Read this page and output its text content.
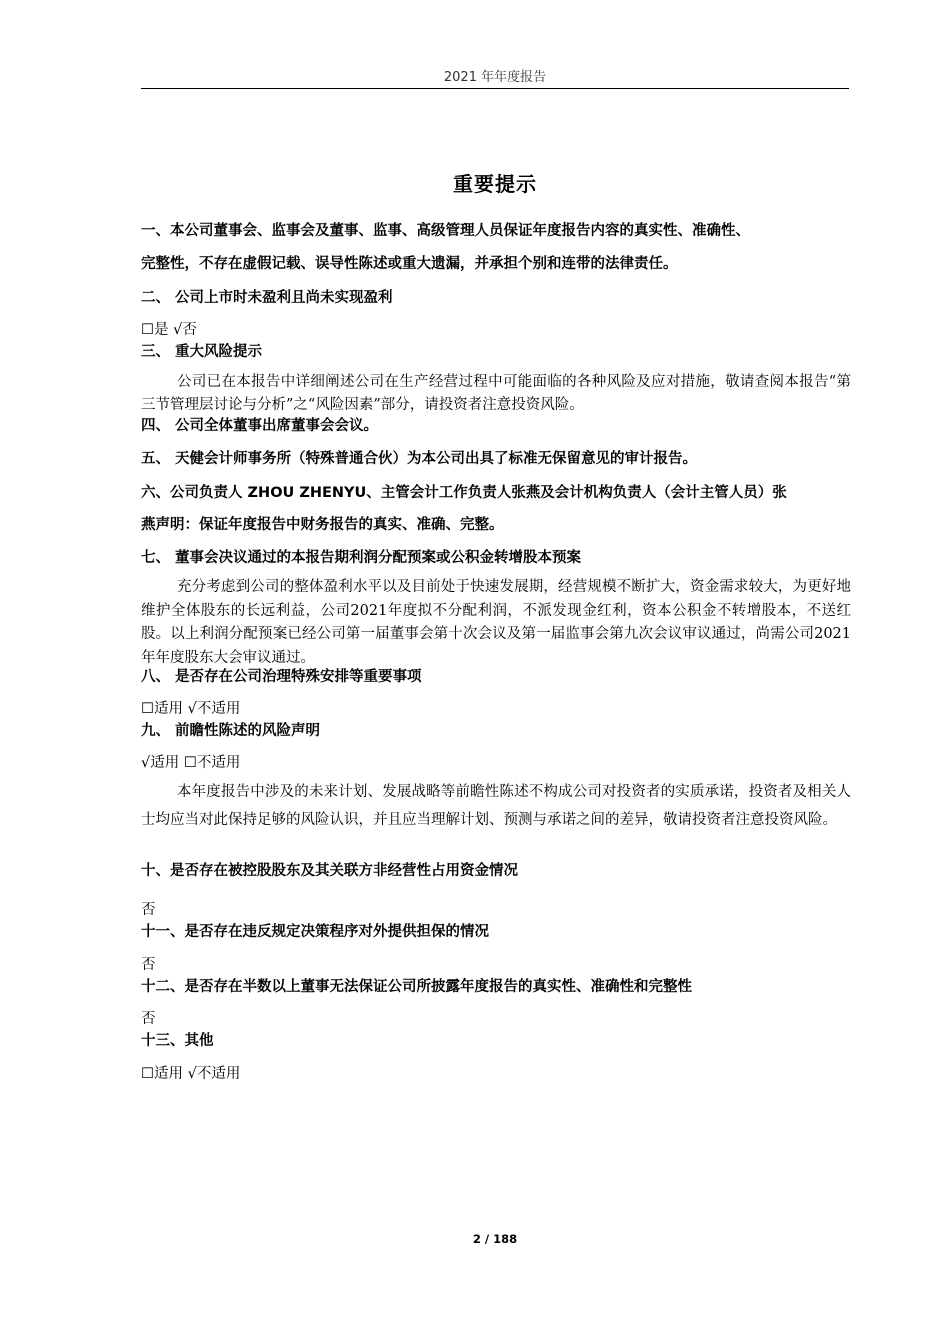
2021 年年度报告
重要提示
一、本公司董事会、监事会及董事、监事、高级管理人员保证年度报告内容的真实性、准确性、
完整性，不存在虚假记载、误导性陈述或重大遗漏，并承担个别和连带的法律责任。
二、 公司上市时未盈利且尚未实现盈利
☐是 √否
三、 重大风险提示
公司已在本报告中详细阐述公司在生产经营过程中可能面临的各种风险及应对措施，敬请查阅本报告“第三节管理层讨论与分析”之“风险因素”部分，请投资者注意投资风险。
四、 公司全体董事出席董事会会议。
五、 天健会计师事务所（特殊普通合伙）为本公司出具了标准无保留意见的审计报告。
六、公司负责人 ZHOU ZHENYU、主管会计工作负责人张燕及会计机构负责人（会计主管人员）张
燕声明：保证年度报告中财务报告的真实、准确、完整。
七、 董事会决议通过的本报告期利润分配预案或公积金转增股本预案
充分考虑到公司的整体盈利水平以及目前处于快速发展期，经营规模不断扩大，资金需求较大，为更好地维护全体股东的长远利益，公司2021年度拟不分配利润，不派发现金红利，资本公积金不转增股本，不送红股。以上利润分配预案已经公司第一届董事会第十次会议及第一届监事会第九次会议审议通过，尚需公司2021年年度股东大会审议通过。
八、 是否存在公司治理特殊安排等重要事项
☐适用 √不适用
九、 前瞻性陈述的风险声明
√适用 ☐不适用
本年度报告中涉及的未来计划、发展战略等前瞻性陈述不构成公司对投资者的实质承诺，投资者及相关人士均应当对此保持足够的风险认识，并且应当理解计划、预测与承诺之间的差异，敬请投资者注意投资风险。
十、是否存在被控股股东及其关联方非经营性占用资金情况
否
十一、是否存在违反规定决策程序对外提供担保的情况
否
十二、是否存在半数以上董事无法保证公司所披露年度报告的真实性、准确性和完整性
否
十三、其他
☐适用 √不适用
2 / 188
